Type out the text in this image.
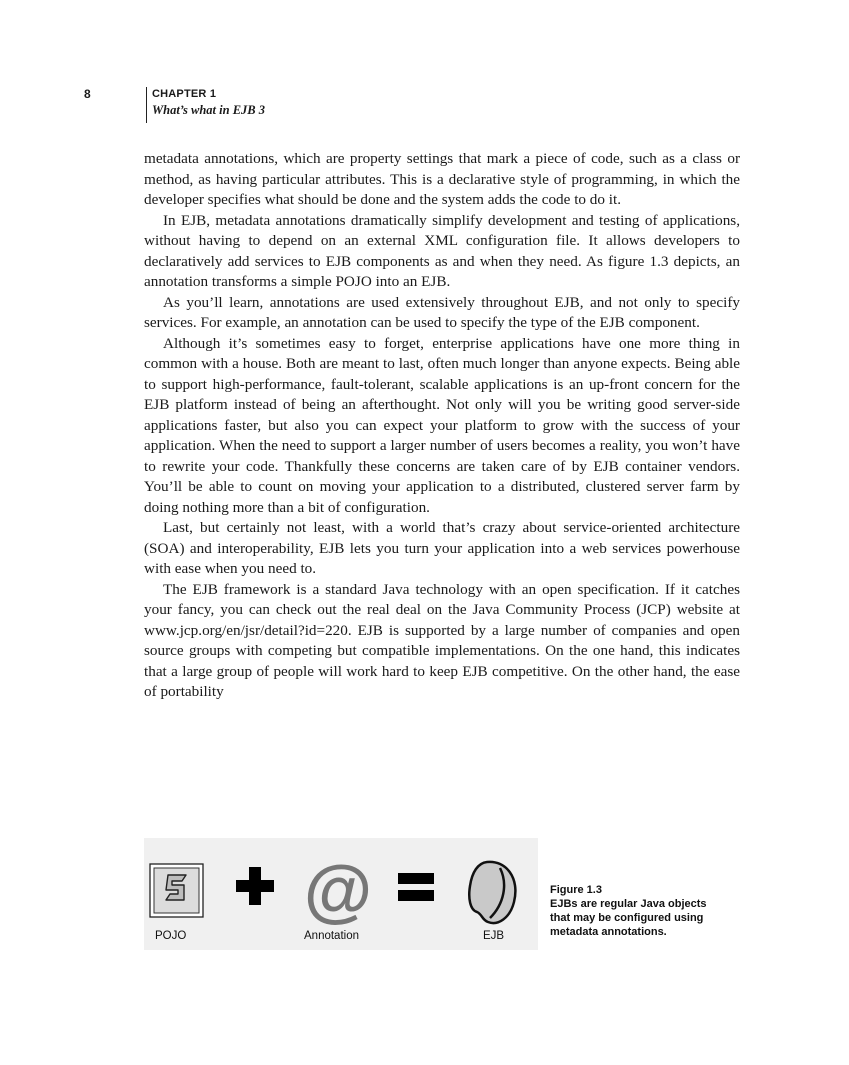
8	CHAPTER 1
What’s what in EJB 3

metadata annotations, which are property settings that mark a piece of code, such as a class or method, as having particular attributes. This is a declarative style of programming, in which the developer specifies what should be done and the system adds the code to do it.

In EJB, metadata annotations dramatically simplify development and testing of applications, without having to depend on an external XML configuration file. It allows developers to declaratively add services to EJB components as and when they need. As figure 1.3 depicts, an annotation transforms a simple POJO into an EJB.

As you’ll learn, annotations are used extensively throughout EJB, and not only to specify services. For example, an annotation can be used to specify the type of the EJB component.

Although it’s sometimes easy to forget, enterprise applications have one more thing in common with a house. Both are meant to last, often much longer than anyone expects. Being able to support high-performance, fault-tolerant, scalable applications is an up-front concern for the EJB platform instead of being an afterthought. Not only will you be writing good server-side applications faster, but also you can expect your platform to grow with the success of your application. When the need to support a larger number of users becomes a reality, you won’t have to rewrite your code. Thankfully these concerns are taken care of by EJB container vendors. You’ll be able to count on moving your application to a distributed, clustered server farm by doing nothing more than a bit of configuration.

Last, but certainly not least, with a world that’s crazy about service-oriented architecture (SOA) and interoperability, EJB lets you turn your application into a web services powerhouse with ease when you need to.

The EJB framework is a standard Java technology with an open specification. If it catches your fancy, you can check out the real deal on the Java Community Process (JCP) website at www.jcp.org/en/jsr/detail?id=220. EJB is supported by a large number of companies and open source groups with competing but compatible implementations. On the one hand, this indicates that a large group of people will work hard to keep EJB competitive. On the other hand, the ease of portability

@
POJO	Annotation	EJB
Figure 1.3
EJBs are regular Java objects
that may be configured using
metadata annotations.
